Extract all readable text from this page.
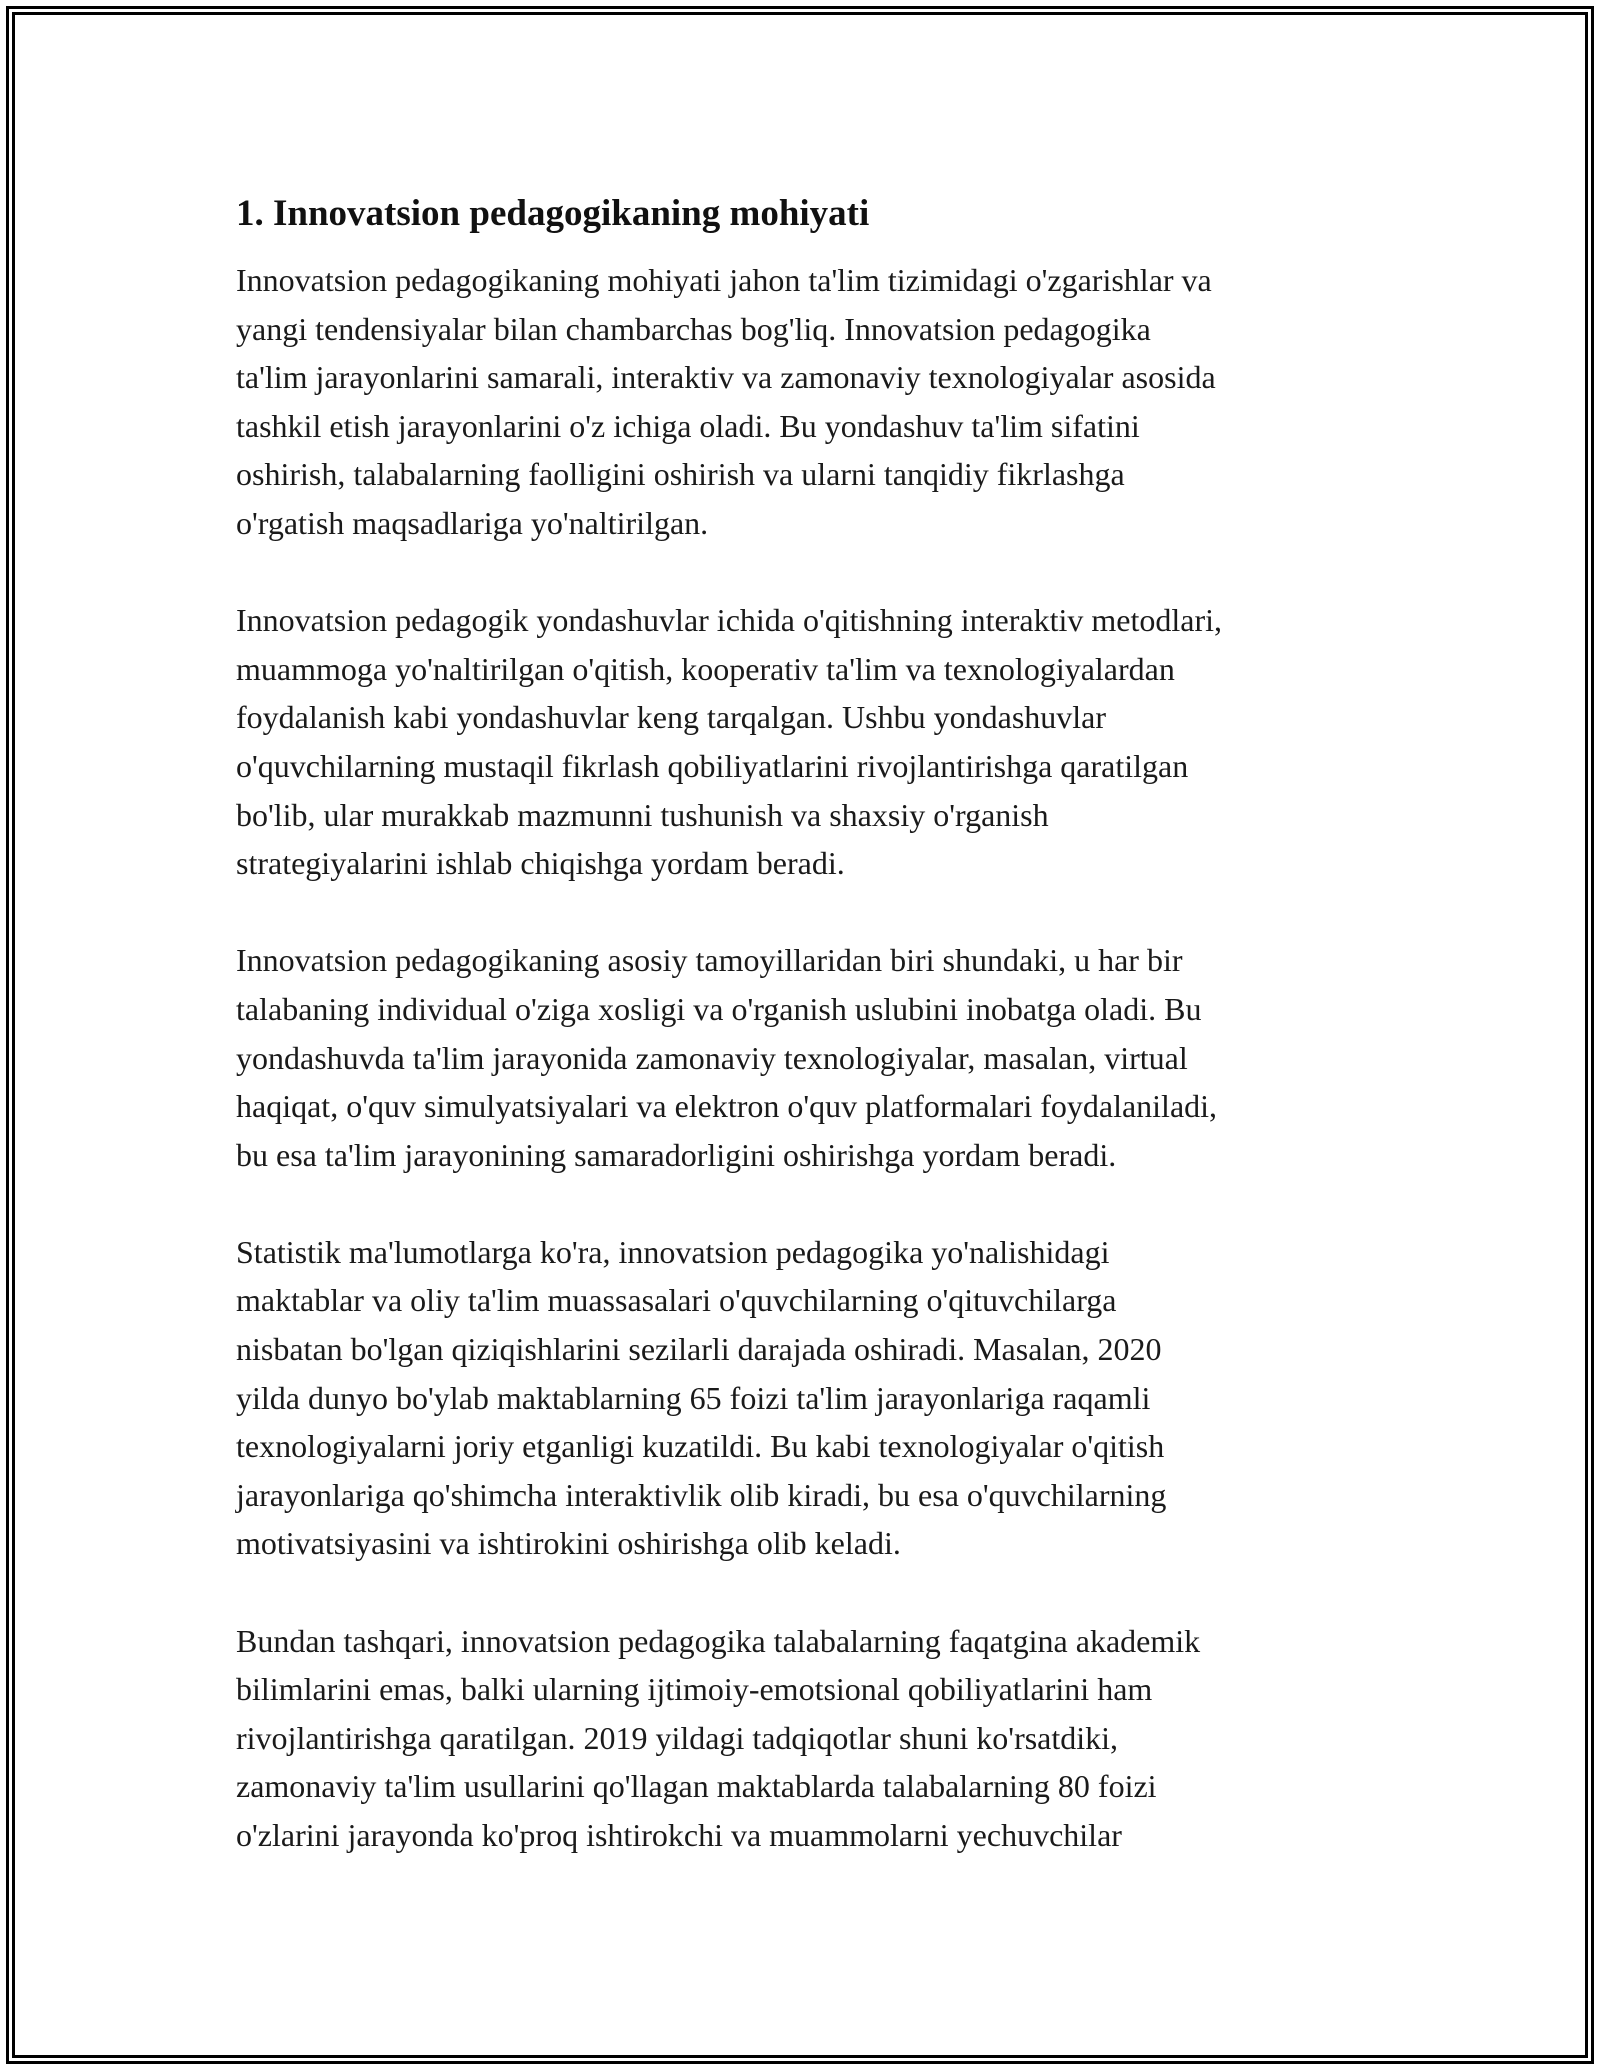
1. Innovatsion pedagogikaning mohiyati

Innovatsion pedagogikaning mohiyati jahon ta'lim tizimidagi o'zgarishlar va
yangi tendensiyalar bilan chambarchas bog'liq. Innovatsion pedagogika
ta'lim jarayonlarini samarali, interaktiv va zamonaviy texnologiyalar asosida
tashkil etish jarayonlarini o'z ichiga oladi. Bu yondashuv ta'lim sifatini
oshirish, talabalarning faolligini oshirish va ularni tanqidiy fikrlashga
o'rgatish maqsadlariga yo'naltirilgan.

Innovatsion pedagogik yondashuvlar ichida o'qitishning interaktiv metodlari,
muammoga yo'naltirilgan o'qitish, kooperativ ta'lim va texnologiyalardan
foydalanish kabi yondashuvlar keng tarqalgan. Ushbu yondashuvlar
o'quvchilarning mustaqil fikrlash qobiliyatlarini rivojlantirishga qaratilgan
bo'lib, ular murakkab mazmunni tushunish va shaxsiy o'rganish
strategiyalarini ishlab chiqishga yordam beradi.

Innovatsion pedagogikaning asosiy tamoyillaridan biri shundaki, u har bir
talabaning individual o'ziga xosligi va o'rganish uslubini inobatga oladi. Bu
yondashuvda ta'lim jarayonida zamonaviy texnologiyalar, masalan, virtual
haqiqat, o'quv simulyatsiyalari va elektron o'quv platformalari foydalaniladi,
bu esa ta'lim jarayonining samaradorligini oshirishga yordam beradi.

Statistik ma'lumotlarga ko'ra, innovatsion pedagogika yo'nalishidagi
maktablar va oliy ta'lim muassasalari o'quvchilarning o'qituvchilarga
nisbatan bo'lgan qiziqishlarini sezilarli darajada oshiradi. Masalan, 2020
yilda dunyo bo'ylab maktablarning 65 foizi ta'lim jarayonlariga raqamli
texnologiyalarni joriy etganligi kuzatildi. Bu kabi texnologiyalar o'qitish
jarayonlariga qo'shimcha interaktivlik olib kiradi, bu esa o'quvchilarning
motivatsiyasini va ishtirokini oshirishga olib keladi.

Bundan tashqari, innovatsion pedagogika talabalarning faqatgina akademik
bilimlarini emas, balki ularning ijtimoiy-emotsional qobiliyatlarini ham
rivojlantirishga qaratilgan. 2019 yildagi tadqiqotlar shuni ko'rsatdiki,
zamonaviy ta'lim usullarini qo'llagan maktablarda talabalarning 80 foizi
o'zlarini jarayonda ko'proq ishtirokchi va muammolarni yechuvchilar
